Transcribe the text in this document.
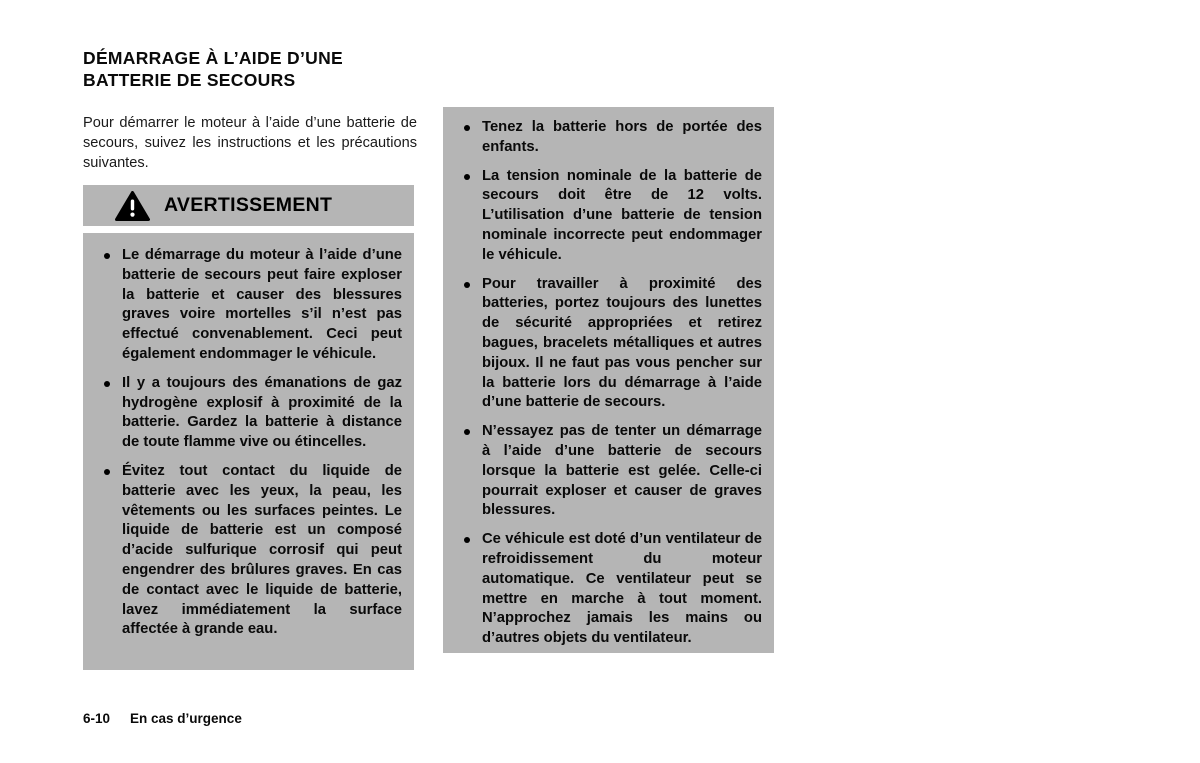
DÉMARRAGE À L’AIDE D’UNE
BATTERIE DE SECOURS

Pour démarrer le moteur à l’aide d’une batterie de secours, suivez les instructions et les précautions suivantes.

AVERTISSEMENT
Le démarrage du moteur à l’aide d’une batterie de secours peut faire exploser la batterie et causer des blessures graves voire mortelles s’il n’est pas effectué convenablement. Ceci peut également endommager le véhicule.
Il y a toujours des émanations de gaz hydrogène explosif à proximité de la batterie. Gardez la batterie à distance de toute flamme vive ou étincelles.
Évitez tout contact du liquide de batterie avec les yeux, la peau, les vêtements ou les surfaces peintes. Le liquide de batterie est un composé d’acide sulfurique corrosif qui peut engendrer des brûlures graves. En cas de contact avec le liquide de batterie, lavez immédiatement la surface affectée à grande eau.
Tenez la batterie hors de portée des enfants.
La tension nominale de la batterie de secours doit être de 12 volts. L’utilisation d’une batterie de tension nominale incorrecte peut endommager le véhicule.
Pour travailler à proximité des batteries, portez toujours des lunettes de sécurité appropriées et retirez bagues, bracelets métalliques et autres bijoux. Il ne faut pas vous pencher sur la batterie lors du démarrage à l’aide d’une batterie de secours.
N’essayez pas de tenter un démarrage à l’aide d’une batterie de secours lorsque la batterie est gelée. Celle-ci pourrait exploser et causer de graves blessures.
Ce véhicule est doté d’un ventilateur de refroidissement du moteur automatique. Ce ventilateur peut se mettre en marche à tout moment. N’approchez jamais les mains ou d’autres objets du ventilateur.
6-10 En cas d’urgence
